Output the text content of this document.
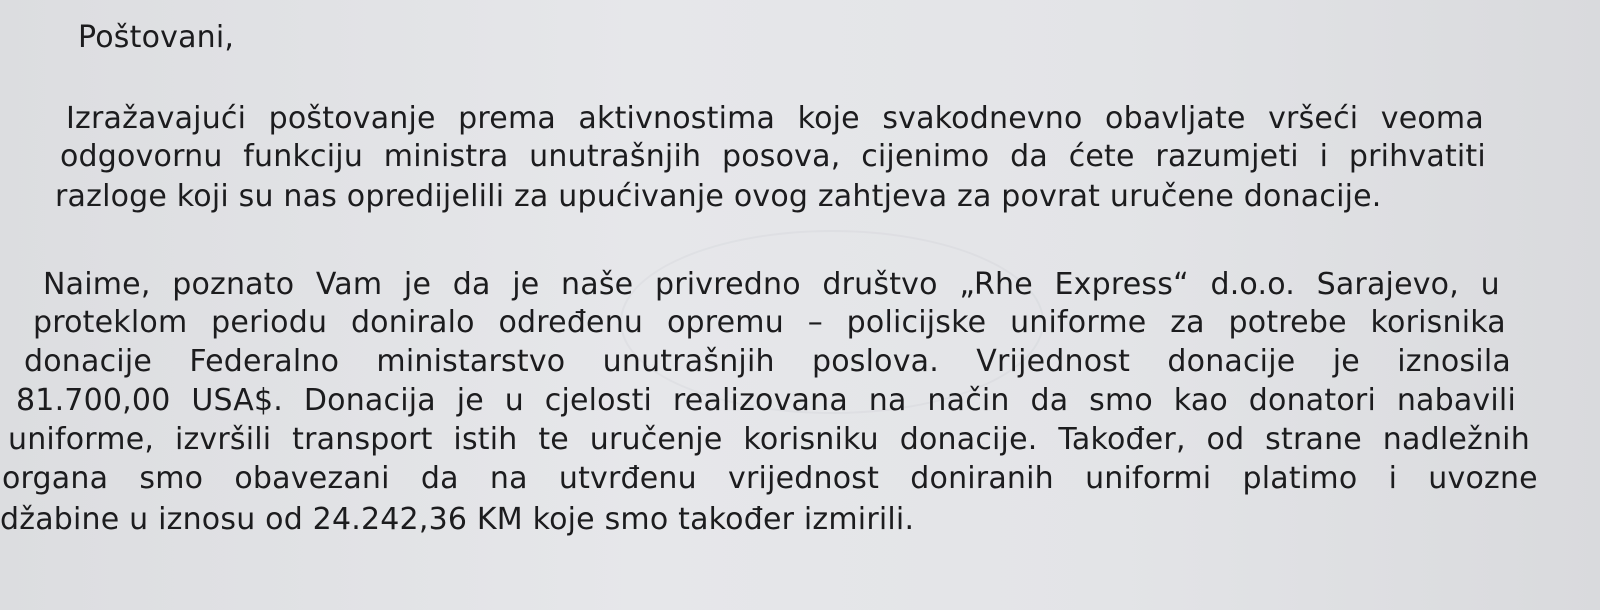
Poštovani,
Izražavajući poštovanje prema aktivnostima koje svakodnevno obavljate vršeći veoma
odgovornu funkciju ministra unutrašnjih posova, cijenimo da ćete razumjeti i prihvatiti
razloge koji su nas opredijelili za upućivanje ovog zahtjeva za povrat uručene donacije.
Naime, poznato Vam je da je naše privredno društvo „Rhe Express“ d.o.o. Sarajevo, u
proteklom periodu doniralo određenu opremu – policijske uniforme za potrebe korisnika
donacije Federalno ministarstvo unutrašnjih poslova. Vrijednost donacije je iznosila
81.700,00 USA$. Donacija je u cjelosti realizovana na način da smo kao donatori nabavili
uniforme, izvršili transport istih te uručenje korisniku donacije. Također, od strane nadležnih
organa smo obavezani da na utvrđenu vrijednost doniranih uniformi platimo i uvozne
džabine u iznosu od 24.242,36 KM koje smo također izmirili.
